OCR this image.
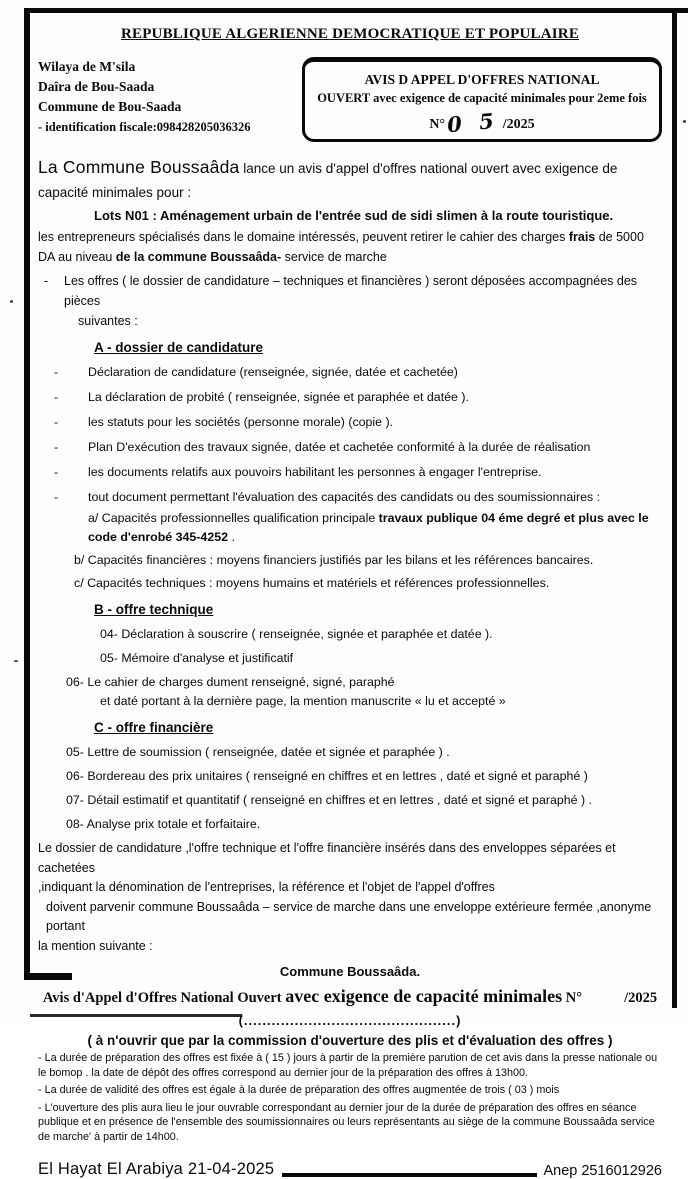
REPUBLIQUE ALGERIENNE DEMOCRATIQUE ET POPULAIRE
Wilaya de M'sila
Daîra de Bou-Saada
Commune de Bou-Saada
- identification fiscale:098428205036326
AVIS D APPEL D'OFFRES NATIONAL
OUVERT avec exigence de capacité minimales pour 2eme fois
N°0 5 /2025
La Commune Boussaâda lance un avis d'appel d'offres national ouvert avec exigence de capacité minimales pour :
Lots N01 : Aménagement urbain de l'entrée sud de sidi slimen à la route touristique.
les entrepreneurs spécialisés dans le domaine intéressés, peuvent retirer le cahier des charges frais de 5000 DA au niveau de la commune Boussaâda- service de marche
- Les offres ( le dossier de candidature – techniques et financières ) seront déposées accompagnées des pièces
suivantes :
A - dossier de candidature
- Déclaration de candidature (renseignée, signée, datée et cachetée)
- La déclaration de probité ( renseignée, signée et paraphée et datée ).
- les statuts pour les sociétés (personne morale) (copie ).
- Plan D'exécution des travaux signée, datée et cachetée conformité à la durée de réalisation
- les documents relatifs aux pouvoirs habilitant les personnes à engager l'entreprise.
- tout document permettant l'évaluation des capacités des candidats ou des soumissionnaires :
a/ Capacités professionnelles qualification principale travaux publique 04 éme degré et plus avec le code d'enrobé 345-4252 .
b/ Capacités financières : moyens financiers justifiés par les bilans et les références bancaires.
c/ Capacités techniques : moyens humains et matériels et références professionnelles.
B - offre technique
04- Déclaration à souscrire ( renseignée, signée et paraphée et datée ).
05- Mémoire d'analyse et justificatif
06- Le cahier de charges dument renseigné, signé, paraphé
et daté portant à la dernière page, la mention manuscrite « lu et accepté »
C - offre financière
05- Lettre de soumission ( renseignée, datée et signée et paraphée ) .
06- Bordereau des prix unitaires ( renseigné en chiffres et en lettres , daté et signé et paraphé )
07- Détail estimatif et quantitatif ( renseigné en chiffres et en lettres , daté et signé et paraphé ) .
08- Analyse prix totale et forfaitaire.
Le dossier de candidature ,l'offre technique et l'offre financière insérés dans des enveloppes séparées et cachetées
,indiquant la dénomination de l'entreprises, la référence et l'objet de l'appel d'offres
doivent parvenir commune Boussaâda – service de marche dans une enveloppe extérieure fermée ,anonyme portant
la mention suivante :
Commune Boussaâda.
Avis d'Appel d'Offres National Ouvert avec exigence de capacité minimales N°	/2025
(..............................................)
( à n'ouvrir que par la commission d'ouverture des plis et d'évaluation des offres )
- La durée de préparation des offres est fixée à ( 15 ) jours à partir de la première parution de cet avis dans la presse nationale ou le bomop . la date de dépôt des offres correspond au dernier jour de la préparation des offres à 13h00.
- La durée de validité des offres est égale à la durée de préparation des offres augmentée de trois ( 03 ) mois
- L'ouverture des plis aura lieu le jour ouvrable correspondant au dernier jour de la durée de préparation des offres en séance publique et en présence de l'ensemble des soumissionnaires ou leurs représentants au siège de la commune Boussaâda service de marche' à partir de 14h00.
El Hayat El Arabiya 21-04-2025	Anep 2516012926
